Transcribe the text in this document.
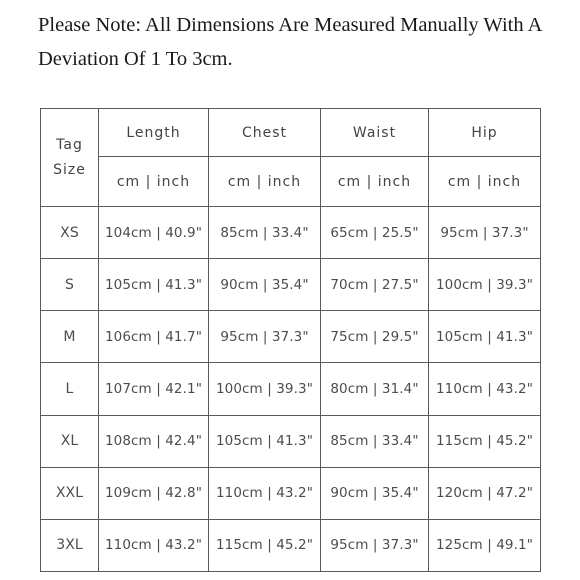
Please Note: All Dimensions Are Measured Manually With A Deviation Of 1 To 3cm.

Tag
Size	Length	Chest	Waist	Hip
	cm | inch	cm | inch	cm | inch	cm | inch
XS	104cm | 40.9"	85cm | 33.4"	65cm | 25.5"	95cm | 37.3"
S	105cm | 41.3"	90cm | 35.4"	70cm | 27.5"	100cm | 39.3"
M	106cm | 41.7"	95cm | 37.3"	75cm | 29.5"	105cm | 41.3"
L	107cm | 42.1"	100cm | 39.3"	80cm | 31.4"	110cm | 43.2"
XL	108cm | 42.4"	105cm | 41.3"	85cm | 33.4"	115cm | 45.2"
XXL	109cm | 42.8"	110cm | 43.2"	90cm | 35.4"	120cm | 47.2"
3XL	110cm | 43.2"	115cm | 45.2"	95cm | 37.3"	125cm | 49.1"
